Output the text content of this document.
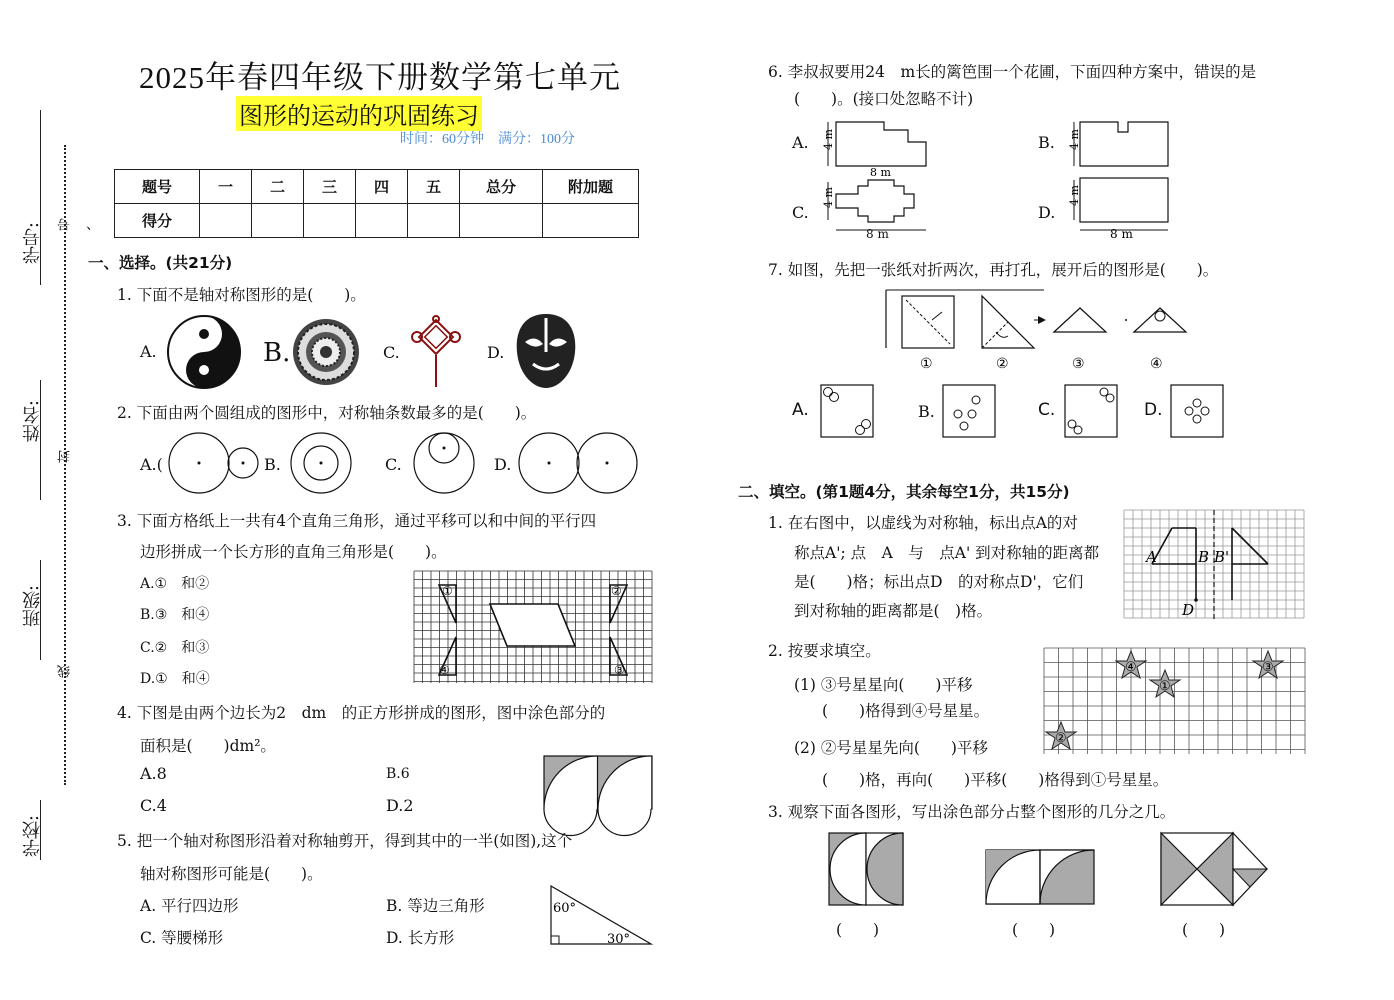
学号:
姓名:
班级:
学校:
号
封
线
、
2025年春四年级下册数学第七单元
图形的运动的巩固练习
时间：60分钟　满分：100分
题号	一	二	三	四	五	总分	附加题
得分							
一、选择。(共21分)
1. 下面不是轴对称图形的是(　　)。
A.	B.	C.	D.
2. 下面由两个圆组成的图形中，对称轴条数最多的是(　　)。
A.(	B.	C.	D.
3. 下面方格纸上一共有4个直角三角形，通过平移可以和中间的平行四
边形拼成一个长方形的直角三角形是(　　)。
A.①　和②
B.③　和④
C.②　和③
D.①　和④
①	②
③
④
4. 下图是由两个边长为2　dm　的正方形拼成的图形，图中涂色部分的
面积是(　　)dm²。
A.8	B.6
C.4	D.2
5. 把一个轴对称图形沿着对称轴剪开，得到其中的一半(如图),这个
轴对称图形可能是(　　)。
A. 平行四边形	B. 等边三角形
C. 等腰梯形	D. 长方形
60°
30°
6. 李叔叔要用24　m长的篱笆围一个花圃，下面四种方案中，错误的是
(　　)。(接口处忽略不计)
A. 4 m
8 m
B. 4 m
C.
4 m
8 m
D.
4 m
8 m
7. 如图，先把一张纸对折两次，再打孔，展开后的图形是(　　)。
①	②	③	④
A.	B.	C.	D.
二、填空。(第1题4分，其余每空1分，共15分)
1. 在右图中，以虚线为对称轴，标出点A的对
称点A'; 点　A　与　点A' 到对称轴的距离都
是(　　)格；标出点D　的对称点D'，它们
到对称轴的距离都是(　)格。
A	B B'
D
2. 按要求填空。
(1) ③号星星向(　　)平移
(　　)格得到④号星星。
(2) ②号星星先向(　　)平移
(　　)格，再向(　　)平移(　　)格得到①号星星。
④
①
③
②
3. 观察下面各图形，写出涂色部分占整个图形的几分之几。
(　　)	(　　)	(　　)
